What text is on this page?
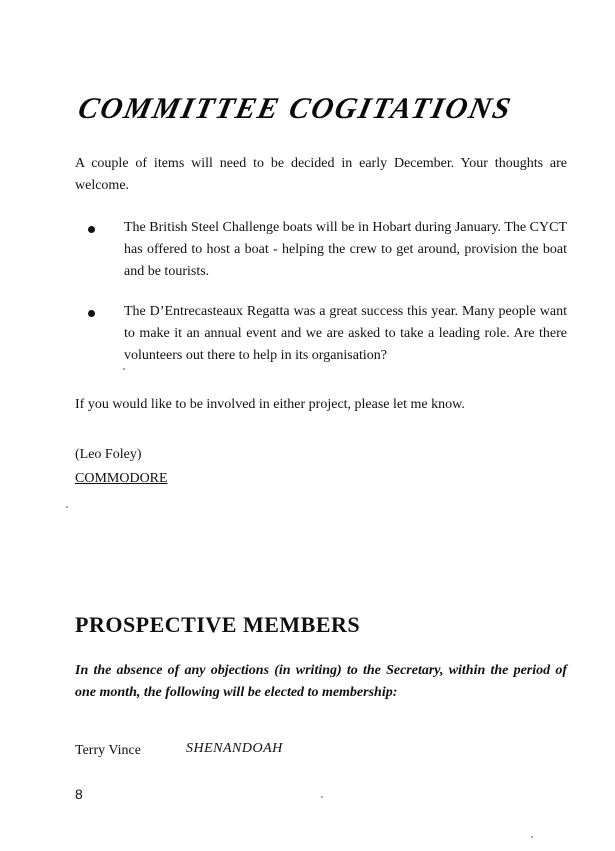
COMMITTEE COGITATIONS
A couple of items will need to be decided in early December. Your thoughts are welcome.
The British Steel Challenge boats will be in Hobart during January. The CYCT has offered to host a boat - helping the crew to get around, provision the boat and be tourists.
The D’Entrecasteaux Regatta was a great success this year. Many people want to make it an annual event and we are asked to take a leading role. Are there volunteers out there to help in its organisation?
If you would like to be involved in either project, please let me know.
(Leo Foley)
COMMODORE
PROSPECTIVE MEMBERS
In the absence of any objections (in writing) to the Secretary, within the period of one month, the following will be elected to membership:
Terry Vince	SHENANDOAH
8
